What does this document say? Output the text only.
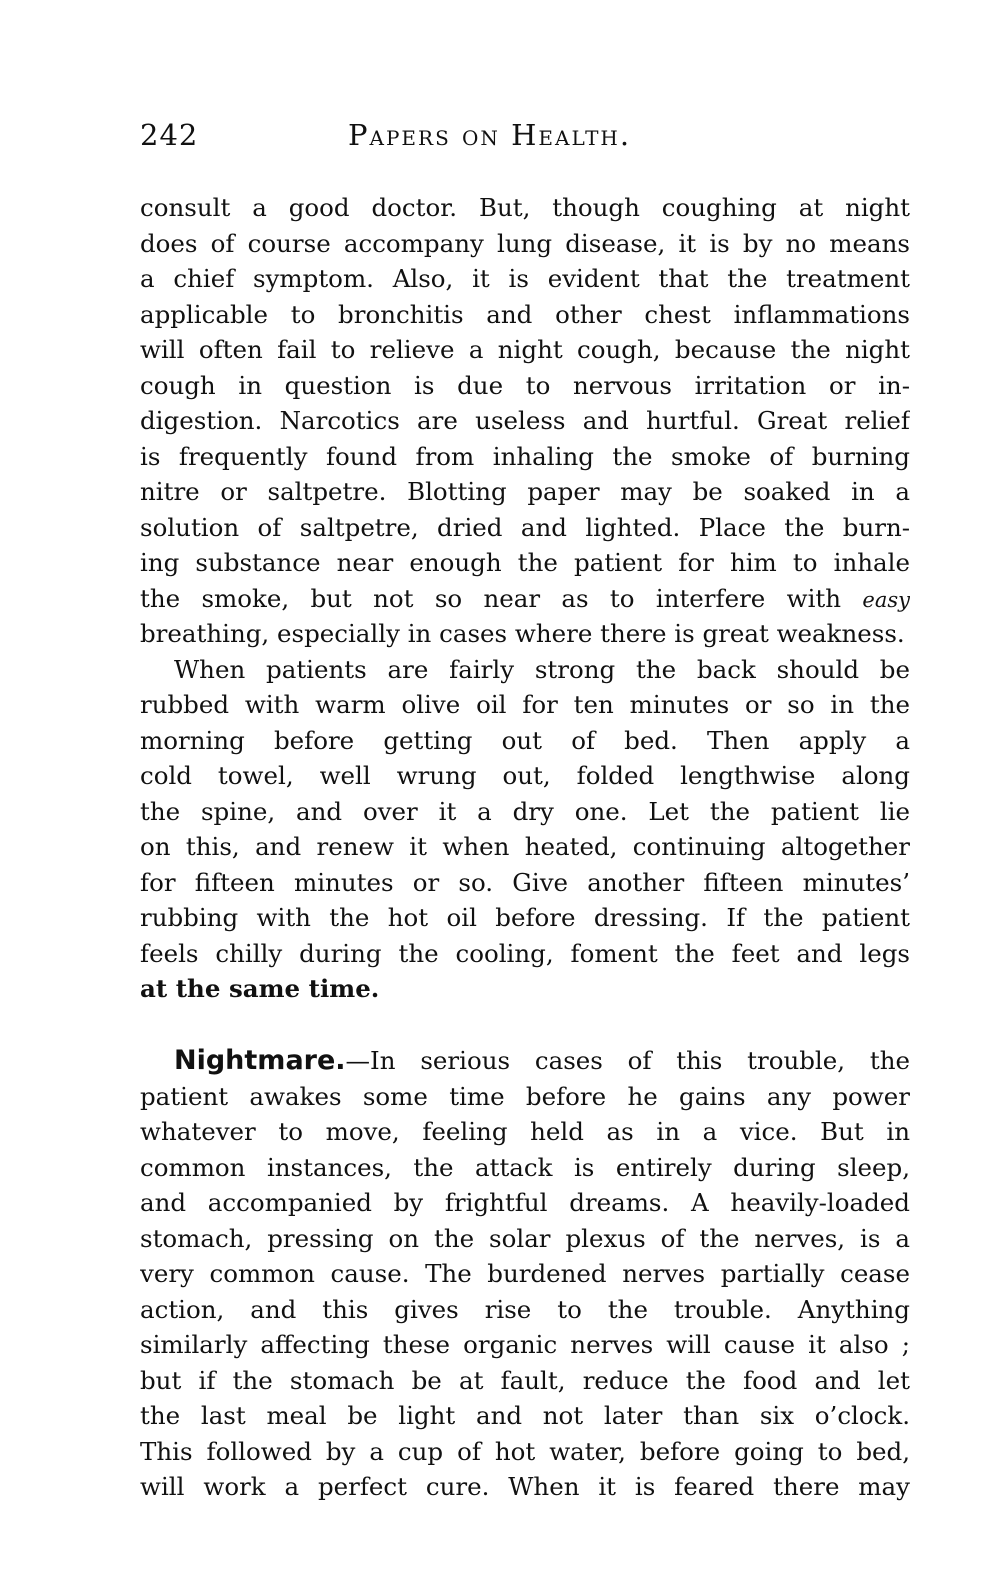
242	Papers on Health.
consult a good doctor. But, though coughing at night
does of course accompany lung disease, it is by no means
a chief symptom. Also, it is evident that the treatment
applicable to bronchitis and other chest inflammations
will often fail to relieve a night cough, because the night
cough in question is due to nervous irritation or in-
digestion. Narcotics are useless and hurtful. Great relief
is frequently found from inhaling the smoke of burning
nitre or saltpetre. Blotting paper may be soaked in a
solution of saltpetre, dried and lighted. Place the burn-
ing substance near enough the patient for him to inhale
the smoke, but not so near as to interfere with easy
breathing, especially in cases where there is great weakness.
When patients are fairly strong the back should be
rubbed with warm olive oil for ten minutes or so in the
morning before getting out of bed. Then apply a
cold towel, well wrung out, folded lengthwise along
the spine, and over it a dry one. Let the patient lie
on this, and renew it when heated, continuing altogether
for fifteen minutes or so. Give another fifteen minutes’
rubbing with the hot oil before dressing. If the patient
feels chilly during the cooling, foment the feet and legs
at the same time.
Nightmare.—In serious cases of this trouble, the
patient awakes some time before he gains any power
whatever to move, feeling held as in a vice. But in
common instances, the attack is entirely during sleep,
and accompanied by frightful dreams. A heavily-loaded
stomach, pressing on the solar plexus of the nerves, is a
very common cause. The burdened nerves partially cease
action, and this gives rise to the trouble. Anything
similarly affecting these organic nerves will cause it also ;
but if the stomach be at fault, reduce the food and let
the last meal be light and not later than six o’clock.
This followed by a cup of hot water, before going to bed,
will work a perfect cure. When it is feared there may
